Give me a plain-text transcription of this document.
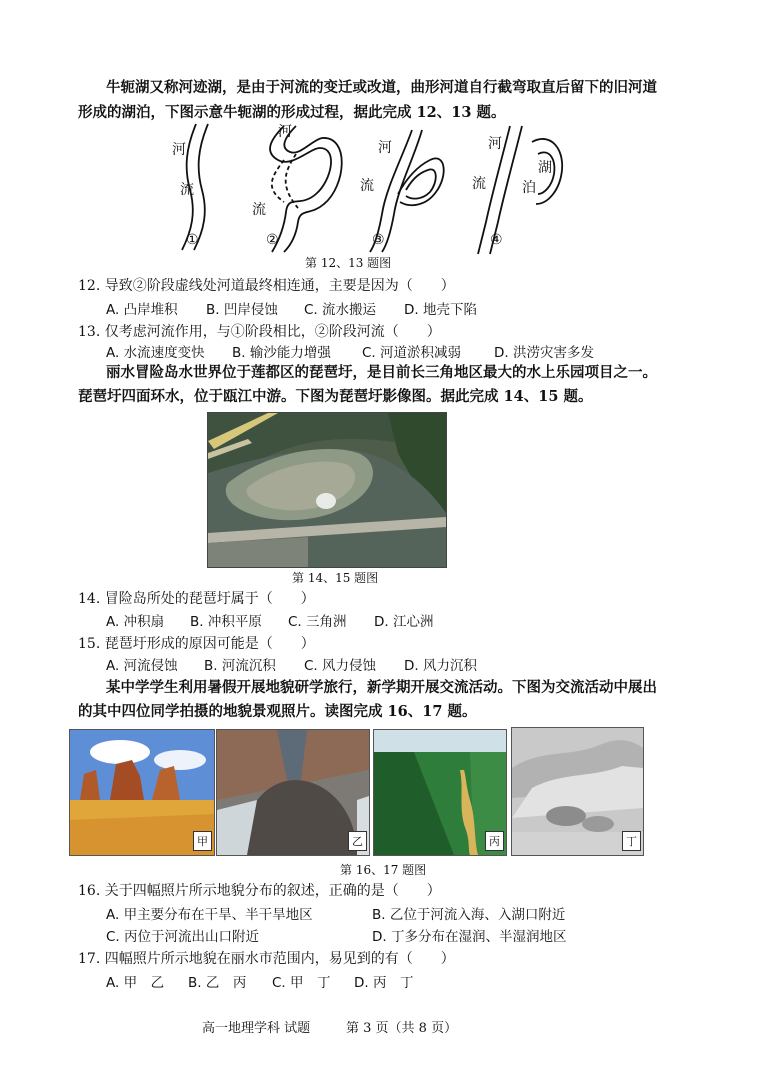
牛轭湖又称河迹湖，是由于河流的变迁或改道，曲形河道自行截弯取直后留下的旧河道
形成的湖泊，下图示意牛轭湖的形成过程，据此完成 12、13 题。
河
流
河
流
河
流
河
流
湖
泊
①	②	③	④
第 12、13 题图
12. 导致②阶段虚线处河道最终相连通，主要是因为（　　）
A. 凸岸堆积 B. 凹岸侵蚀 C. 流水搬运 D. 地壳下陷
13. 仅考虑河流作用，与①阶段相比，②阶段河流（　　）
A. 水流速度变快 B. 输沙能力增强 C. 河道淤积减弱 D. 洪涝灾害多发
丽水冒险岛水世界位于莲都区的琵琶圩，是目前长三角地区最大的水上乐园项目之一。
琵琶圩四面环水，位于瓯江中游。下图为琵琶圩影像图。据此完成 14、15 题。
第 14、15 题图
14. 冒险岛所处的琵琶圩属于（　　）
A. 冲积扇 B. 冲积平原 C. 三角洲 D. 江心洲
15. 琵琶圩形成的原因可能是（　　）
A. 河流侵蚀 B. 河流沉积 C. 风力侵蚀 D. 风力沉积
某中学学生利用暑假开展地貌研学旅行，新学期开展交流活动。下图为交流活动中展出
的其中四位同学拍摄的地貌景观照片。读图完成 16、17 题。
甲	乙	丙	丁
第 16、17 题图
16. 关于四幅照片所示地貌分布的叙述，正确的是（　　）
A. 甲主要分布在干旱、半干旱地区	B. 乙位于河流入海、入湖口附近
C. 丙位于河流出山口附近	D. 丁多分布在湿润、半湿润地区
17. 四幅照片所示地貌在丽水市范围内，易见到的有（　　）
A. 甲　乙 B. 乙　丙 C. 甲　丁 D. 丙　丁
高一地理学科 试题	第 3 页（共 8 页）
